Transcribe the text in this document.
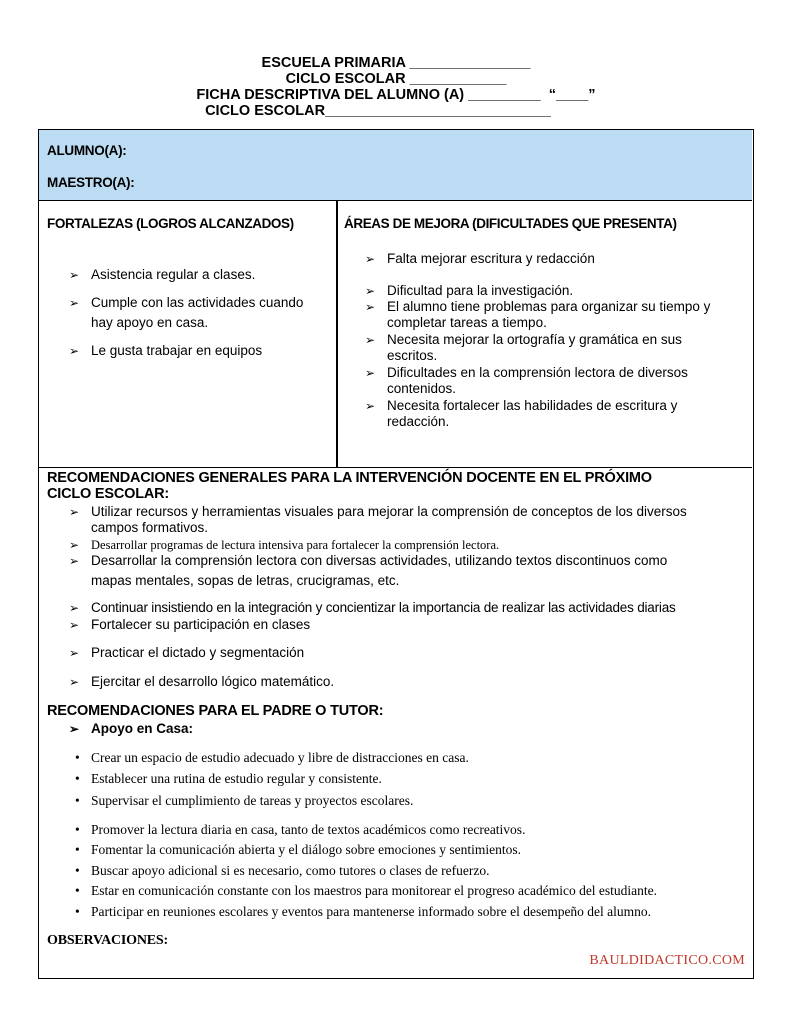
ESCUELA PRIMARIA _______________
CICLO ESCOLAR ____________
FICHA DESCRIPTIVA DEL ALUMNO (A) _________  “____”
CICLO ESCOLAR____________________________
ALUMNO(A):
MAESTRO(A):
FORTALEZAS (LOGROS ALCANZADOS)	ÁREAS DE MEJORA (DIFICULTADES QUE PRESENTA)
➢ Asistencia regular a clases.
➢ Cumple con las actividades cuando
hay apoyo en casa.
➢ Le gusta trabajar en equipos
➢ Falta mejorar escritura y redacción
➢ Dificultad para la investigación.
➢ El alumno tiene problemas para organizar su tiempo y
completar tareas a tiempo.
➢ Necesita mejorar la ortografía y gramática en sus
escritos.
➢ Dificultades en la comprensión lectora de diversos
contenidos.
➢ Necesita fortalecer las habilidades de escritura y
redacción.
RECOMENDACIONES GENERALES PARA LA INTERVENCIÓN DOCENTE EN EL PRÓXIMO
CICLO ESCOLAR:
➢ Utilizar recursos y herramientas visuales para mejorar la comprensión de conceptos de los diversos
campos formativos.
➢ Desarrollar programas de lectura intensiva para fortalecer la comprensión lectora.
➢ Desarrollar la comprensión lectora con diversas actividades, utilizando textos discontinuos como
mapas mentales, sopas de letras, crucigramas, etc.
➢ Continuar insistiendo en la integración y concientizar la importancia de realizar las actividades diarias
➢ Fortalecer su participación en clases
➢ Practicar el dictado y segmentación
➢ Ejercitar el desarrollo lógico matemático.
RECOMENDACIONES PARA EL PADRE O TUTOR:
➢ Apoyo en Casa:
• Crear un espacio de estudio adecuado y libre de distracciones en casa.
• Establecer una rutina de estudio regular y consistente.
• Supervisar el cumplimiento de tareas y proyectos escolares.
• Promover la lectura diaria en casa, tanto de textos académicos como recreativos.
• Fomentar la comunicación abierta y el diálogo sobre emociones y sentimientos.
• Buscar apoyo adicional si es necesario, como tutores o clases de refuerzo.
• Estar en comunicación constante con los maestros para monitorear el progreso académico del estudiante.
• Participar en reuniones escolares y eventos para mantenerse informado sobre el desempeño del alumno.
OBSERVACIONES:
BAULDIDACTICO.COM
